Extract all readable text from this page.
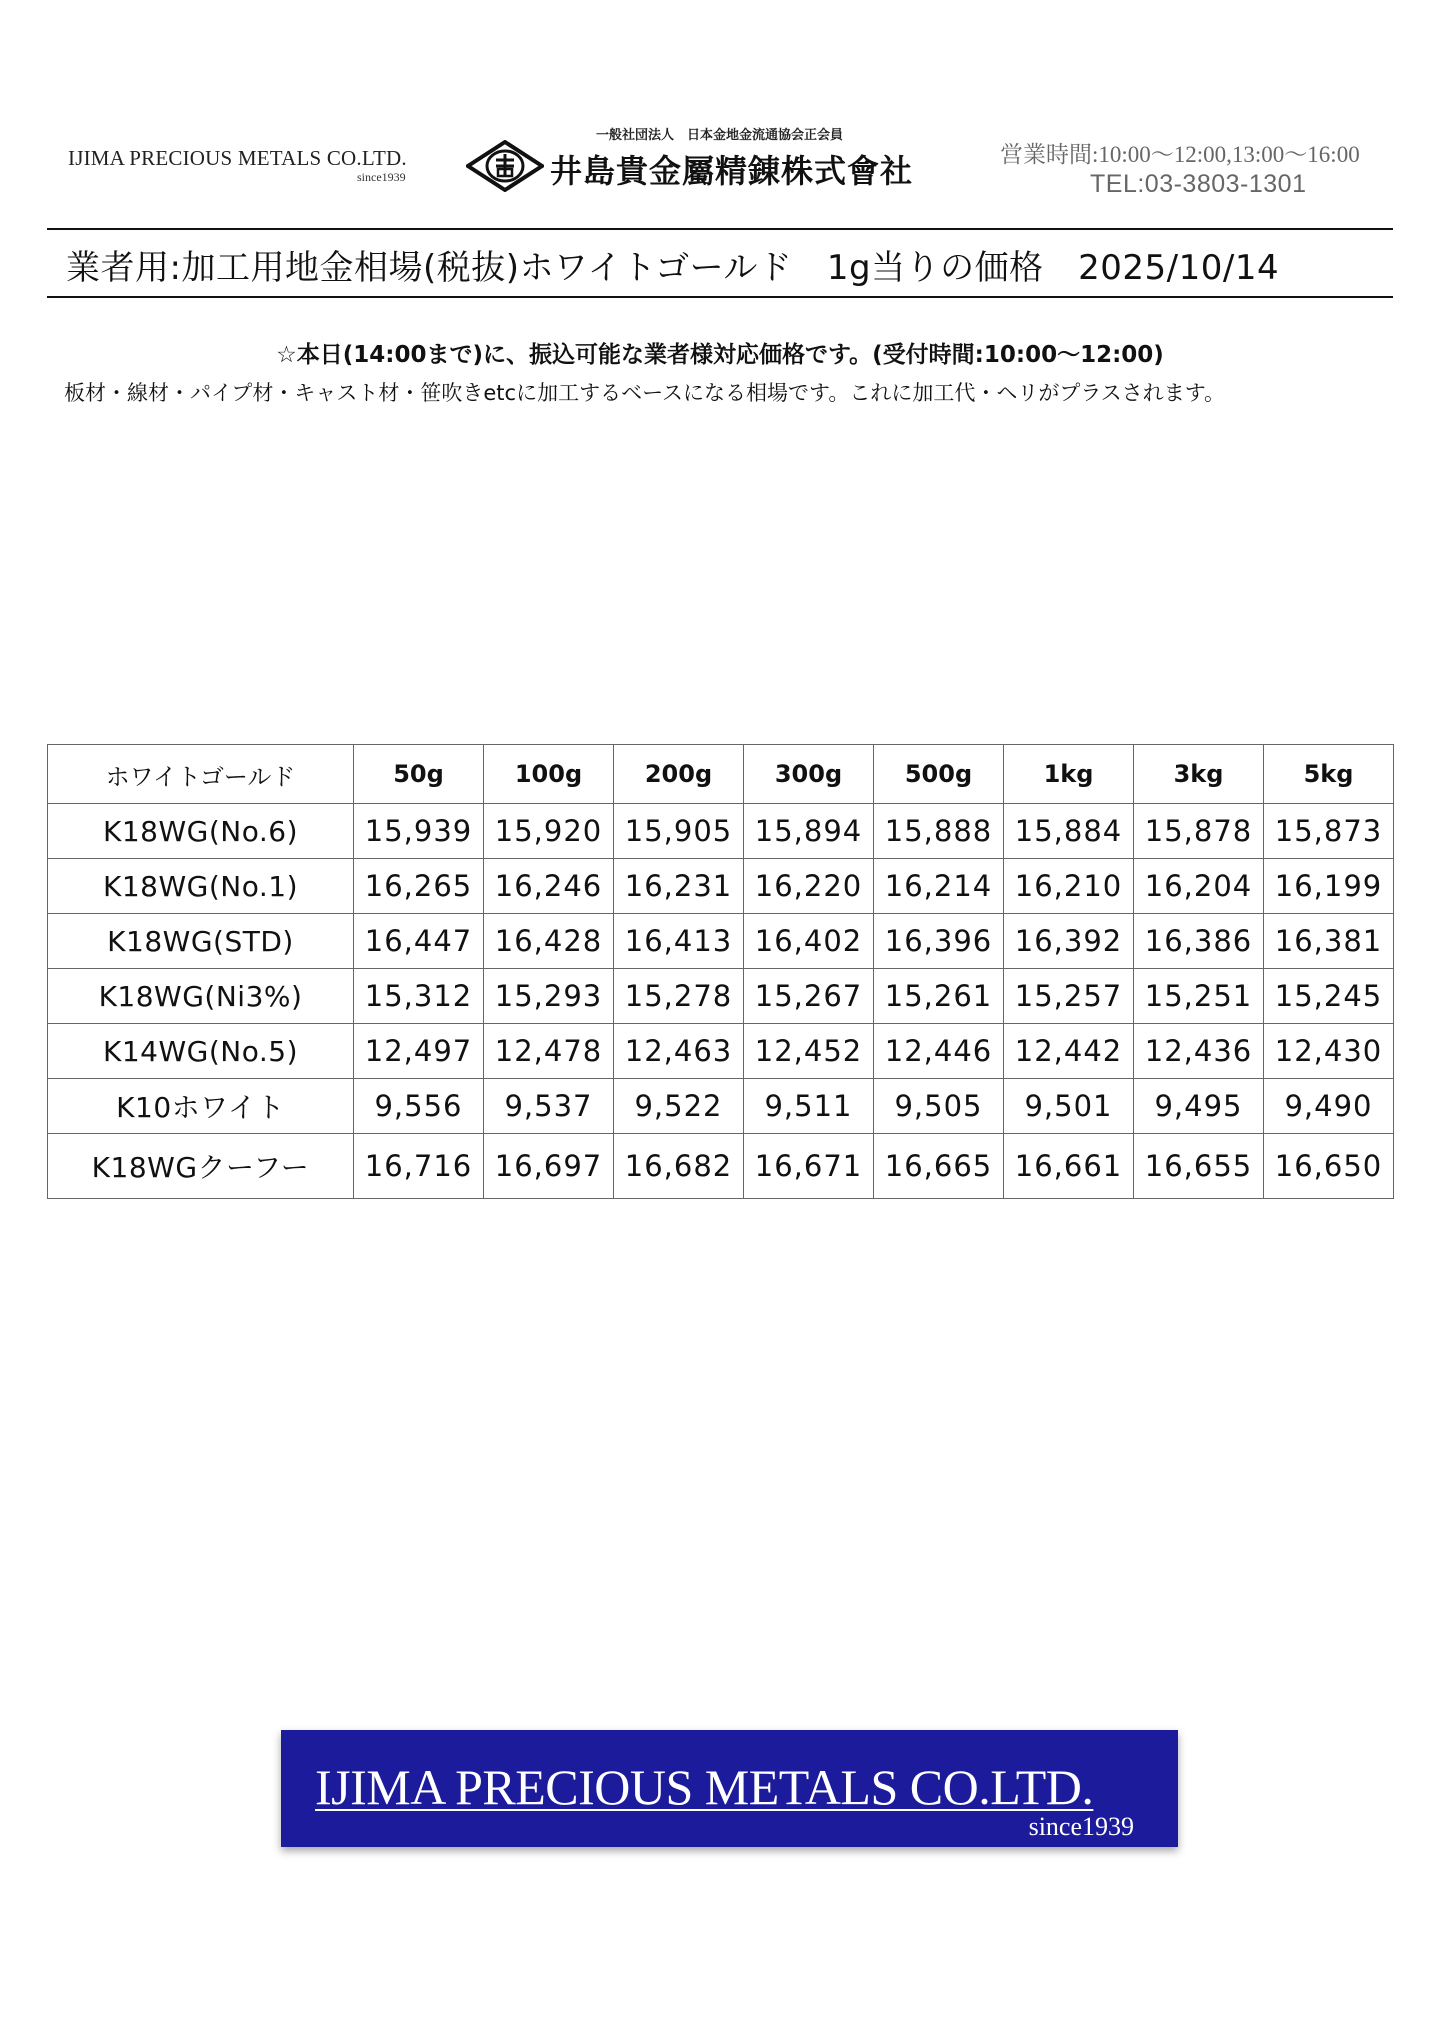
IJIMA PRECIOUS METALS CO.LTD.
since1939
一般社団法人　日本金地金流通協会正会員
井島貴金屬精錬株式會社	営業時間:10:00〜12:00,13:00〜16:00
TEL:03-3803-1301
業者用:加工用地金相場(税抜)ホワイトゴールド　1g当りの価格　2025/10/14
☆本日(14:00まで)に、振込可能な業者様対応価格です。(受付時間:10:00〜12:00)
板材・線材・パイプ材・キャスト材・笹吹きetcに加工するベースになる相場です。これに加工代・ヘリがプラスされます。
ホワイトゴールド	50g	100g	200g	300g	500g	1kg	3kg	5kg
K18WG(No.6)	15,939	15,920	15,905	15,894	15,888	15,884	15,878	15,873
K18WG(No.1)	16,265	16,246	16,231	16,220	16,214	16,210	16,204	16,199
K18WG(STD)	16,447	16,428	16,413	16,402	16,396	16,392	16,386	16,381
K18WG(Ni3%)	15,312	15,293	15,278	15,267	15,261	15,257	15,251	15,245
K14WG(No.5)	12,497	12,478	12,463	12,452	12,446	12,442	12,436	12,430
K10ホワイト	9,556	9,537	9,522	9,511	9,505	9,501	9,495	9,490
K18WGクーフー	16,716	16,697	16,682	16,671	16,665	16,661	16,655	16,650
IJIMA PRECIOUS METALS CO.LTD.
since1939
